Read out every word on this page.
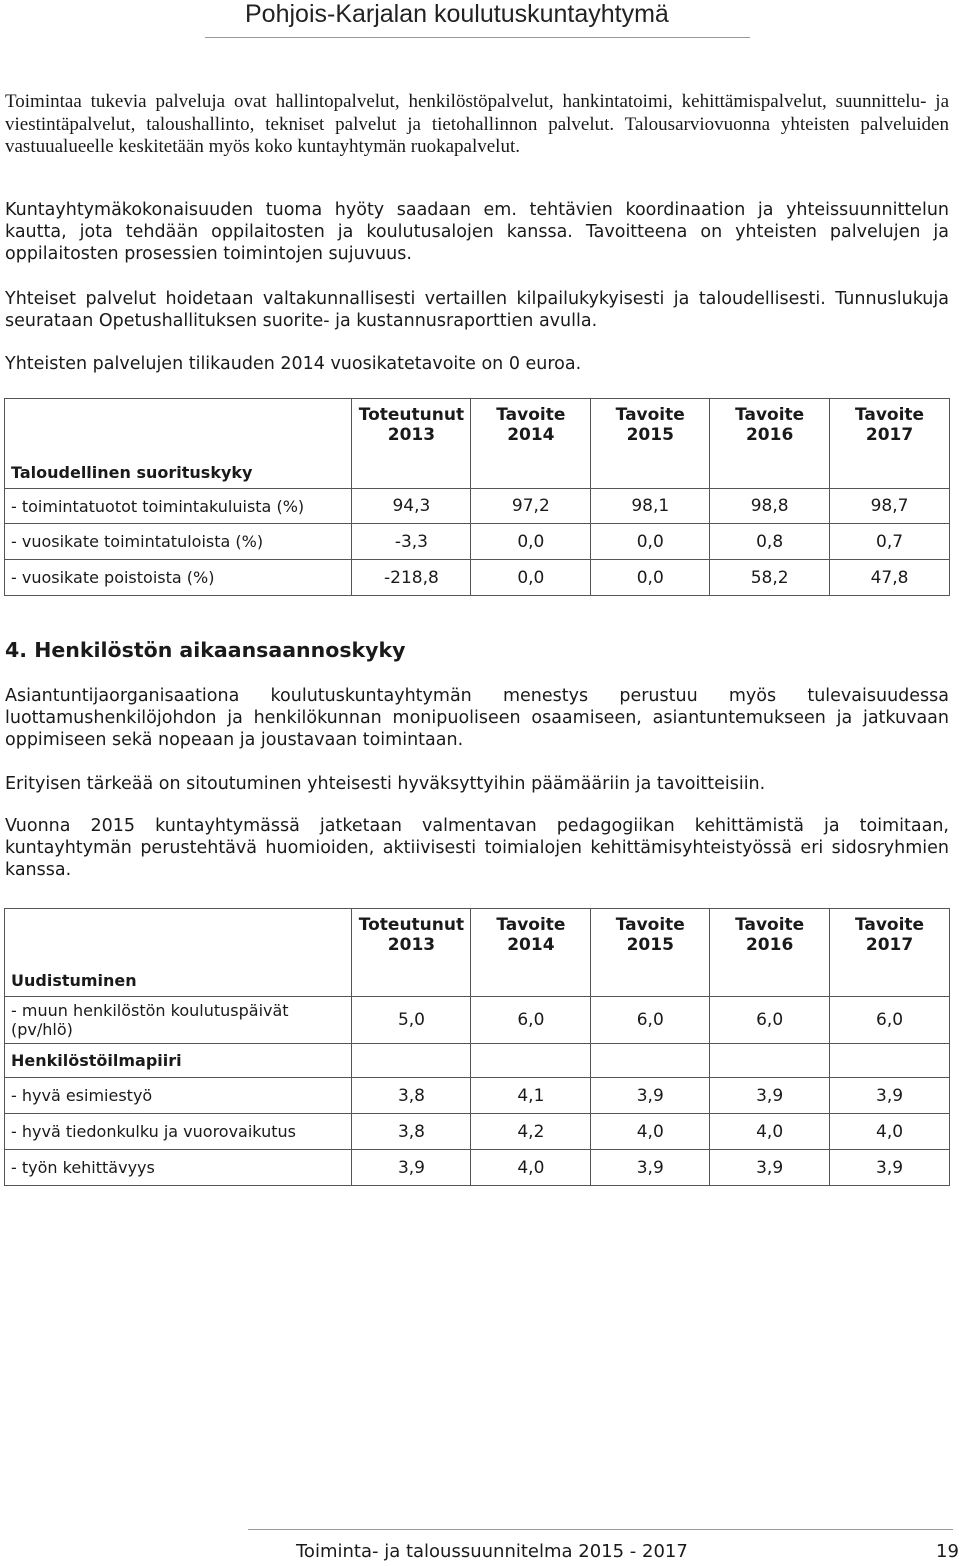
Pohjois-Karjalan koulutuskuntayhtymä
Toimintaa tukevia palveluja ovat hallintopalvelut, henkilöstöpalvelut, hankintatoimi, kehittämispalvelut, suunnittelu- ja viestintäpalvelut, taloushallinto, tekniset palvelut ja tietohallinnon palvelut. Talousarviovuonna yhteisten palveluiden vastuualueelle keskitetään myös koko kuntayhtymän ruokapalvelut.
Kuntayhtymäkokonaisuuden tuoma hyöty saadaan em. tehtävien koordinaation ja yhteissuunnittelun kautta, jota tehdään oppilaitosten ja koulutusalojen kanssa. Tavoitteena on yhteisten palvelujen ja oppilaitosten prosessien toimintojen sujuvuus.
Yhteiset palvelut hoidetaan valtakunnallisesti vertaillen kilpailukykyisesti ja taloudellisesti. Tunnuslukuja seurataan Opetushallituksen suorite- ja kustannusraporttien avulla.
Yhteisten palvelujen tilikauden 2014 vuosikatetavoite on 0 euroa.
Taloudellinen suorituskyky	Toteutunut 2013	Tavoite 2014	Tavoite 2015	Tavoite 2016	Tavoite 2017
- toimintatuotot toimintakuluista (%)	94,3	97,2	98,1	98,8	98,7
- vuosikate toimintatuloista (%)	-3,3	0,0	0,0	0,8	0,7
- vuosikate poistoista (%)	-218,8	0,0	0,0	58,2	47,8
4. Henkilöstön aikaansaannoskyky
Asiantuntijaorganisaationa koulutuskuntayhtymän menestys perustuu myös tulevaisuudessa luottamushenkilöjohdon ja henkilökunnan monipuoliseen osaamiseen, asiantuntemukseen ja jatkuvaan oppimiseen sekä nopeaan ja joustavaan toimintaan.
Erityisen tärkeää on sitoutuminen yhteisesti hyväksyttyihin päämääriin ja tavoitteisiin.
Vuonna 2015 kuntayhtymässä jatketaan valmentavan pedagogiikan kehittämistä ja toimitaan, kuntayhtymän perustehtävä huomioiden, aktiivisesti toimialojen kehittämisyhteistyössä eri sidosryhmien kanssa.
Uudistuminen	Toteutunut 2013	Tavoite 2014	Tavoite 2015	Tavoite 2016	Tavoite 2017
- muun henkilöstön koulutuspäivät (pv/hlö)	5,0	6,0	6,0	6,0	6,0
Henkilöstöilmapiiri					
- hyvä esimiestyö	3,8	4,1	3,9	3,9	3,9
- hyvä tiedonkulku ja vuorovaikutus	3,8	4,2	4,0	4,0	4,0
- työn kehittävyys	3,9	4,0	3,9	3,9	3,9
Toiminta- ja taloussuunnitelma 2015 - 2017	19
